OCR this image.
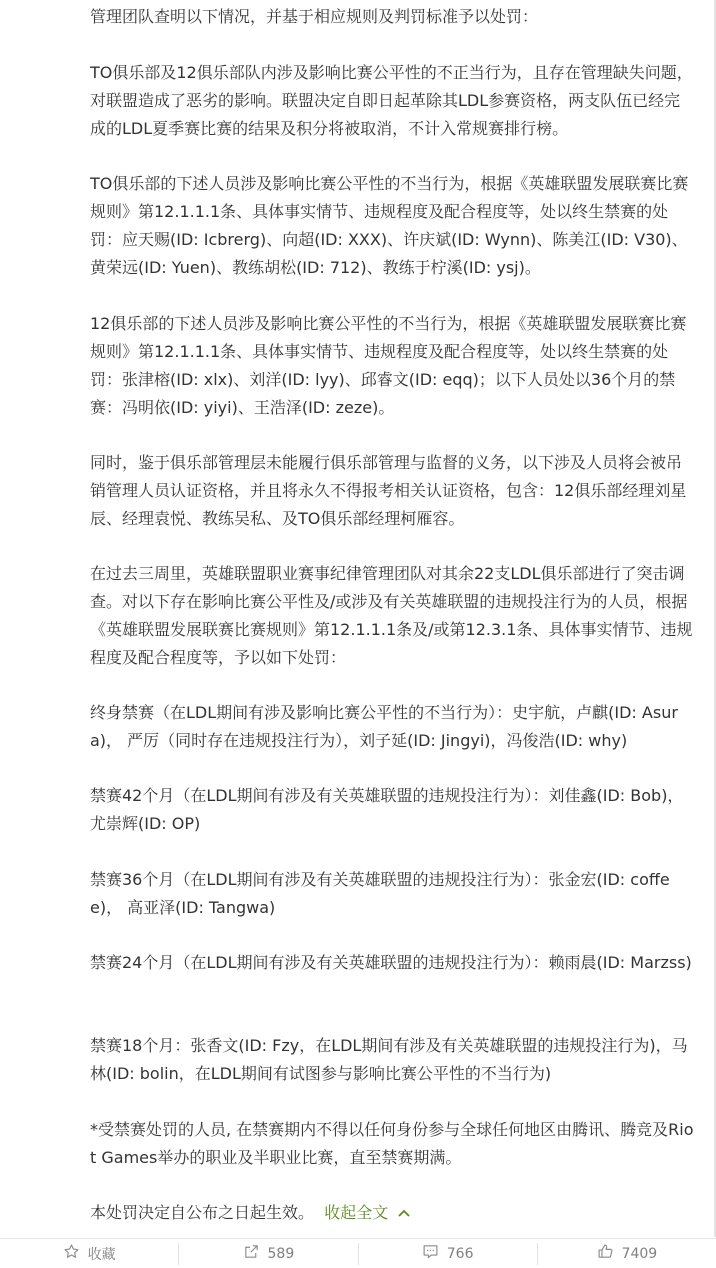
管理团队查明以下情况，并基于相应规则及判罚标准予以处罚：

TO俱乐部及12俱乐部队内涉及影响比赛公平性的不正当行为，且存在管理缺失问题，对联盟造成了恶劣的影响。联盟决定自即日起革除其LDL参赛资格，两支队伍已经完成的LDL夏季赛比赛的结果及积分将被取消，不计入常规赛排行榜。

TO俱乐部的下述人员涉及影响比赛公平性的不当行为，根据《英雄联盟发展联赛比赛规则》第12.1.1.1条、具体事实情节、违规程度及配合程度等，处以终生禁赛的处罚：应天赐(ID: Icbrerg)、向超(ID: XXX)、许庆斌(ID: Wynn)、陈美江(ID: V30)、黄荣远(ID: Yuen)、教练胡松(ID: 712)、教练于柠溪(ID: ysj)。

12俱乐部的下述人员涉及影响比赛公平性的不当行为，根据《英雄联盟发展联赛比赛规则》第12.1.1.1条、具体事实情节、违规程度及配合程度等，处以终生禁赛的处罚：张津榕(ID: xlx)、刘洋(ID: lyy)、邱睿文(ID: eqq)；以下人员处以36个月的禁赛：冯明依(ID: yiyi)、王浩泽(ID: zeze)。

同时，鉴于俱乐部管理层未能履行俱乐部管理与监督的义务，以下涉及人员将会被吊销管理人员认证资格，并且将永久不得报考相关认证资格，包含：12俱乐部经理刘星辰、经理袁悦、教练吴私、及TO俱乐部经理柯雁容。

在过去三周里，英雄联盟职业赛事纪律管理团队对其余22支LDL俱乐部进行了突击调查。对以下存在影响比赛公平性及/或涉及有关英雄联盟的违规投注行为的人员，根据《英雄联盟发展联赛比赛规则》第12.1.1.1条及/或第12.3.1条、具体事实情节、违规程度及配合程度等，予以如下处罚：

终身禁赛（在LDL期间有涉及影响比赛公平性的不当行为）：史宇航，卢麒(ID: Asura)， 严厉（同时存在违规投注行为），刘子延(ID: Jingyi)，冯俊浩(ID: why)

禁赛42个月（在LDL期间有涉及有关英雄联盟的违规投注行为）：刘佳鑫(ID: Bob)，尤崇辉(ID: OP)

禁赛36个月（在LDL期间有涉及有关英雄联盟的违规投注行为）：张金宏(ID: coffee)， 高亚泽(ID: Tangwa)

禁赛24个月（在LDL期间有涉及有关英雄联盟的违规投注行为）：赖雨晨(ID: Marzss)

禁赛18个月：张香文(ID: Fzy，在LDL期间有涉及有关英雄联盟的违规投注行为)，马林(ID: bolin，在LDL期间有试图参与影响比赛公平性的不当行为)

*受禁赛处罚的人员, 在禁赛期内不得以任何身份参与全球任何地区由腾讯、腾竞及Riot Games举办的职业及半职业比赛，直至禁赛期满。

本处罚决定自公布之日起生效。 收起全文

收藏	589	766	7409
